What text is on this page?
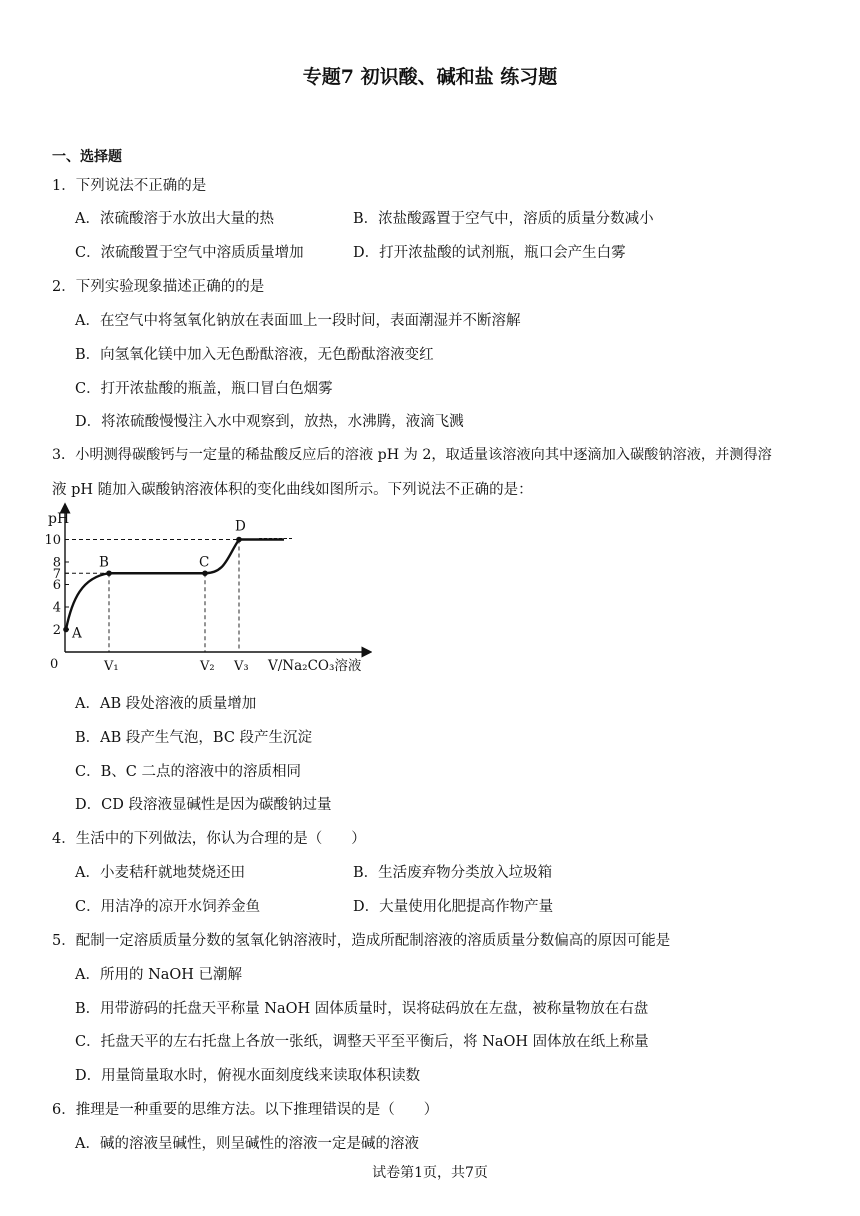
专题7 初识酸、碱和盐 练习题
一、选择题
1．下列说法不正确的是
A．浓硫酸溶于水放出大量的热	B．浓盐酸露置于空气中，溶质的质量分数减小
C．浓硫酸置于空气中溶质质量增加	D．打开浓盐酸的试剂瓶，瓶口会产生白雾
2．下列实验现象描述正确的的是
A．在空气中将氢氧化钠放在表面皿上一段时间，表面潮湿并不断溶解
B．向氢氧化镁中加入无色酚酞溶液，无色酚酞溶液变红
C．打开浓盐酸的瓶盖，瓶口冒白色烟雾
D．将浓硫酸慢慢注入水中观察到，放热，水沸腾，液滴飞溅
3．小明测得碳酸钙与一定量的稀盐酸反应后的溶液 pH 为 2，取适量该溶液向其中逐滴加入碳酸钠溶液，并测得溶
液 pH 随加入碳酸钠溶液体积的变化曲线如图所示。下列说法不正确的是：
pH
0
2
4
6
7
8
10
V₁	V₂ V₃
A
B	C
D
V/Na₂CO₃溶液
A．AB 段处溶液的质量增加
B．AB 段产生气泡，BC 段产生沉淀
C．B、C 二点的溶液中的溶质相同
D．CD 段溶液显碱性是因为碳酸钠过量
4．生活中的下列做法，你认为合理的是（　　）
A．小麦秸秆就地焚烧还田	B．生活废弃物分类放入垃圾箱
C．用洁净的凉开水饲养金鱼	D．大量使用化肥提高作物产量
5．配制一定溶质质量分数的氢氧化钠溶液时，造成所配制溶液的溶质质量分数偏高的原因可能是
A．所用的 NaOH 已潮解
B．用带游码的托盘天平称量 NaOH 固体质量时，误将砝码放在左盘，被称量物放在右盘
C．托盘天平的左右托盘上各放一张纸，调整天平至平衡后，将 NaOH 固体放在纸上称量
D．用量筒量取水时，俯视水面刻度线来读取体积读数
6．推理是一种重要的思维方法。以下推理错误的是（　　）
A．碱的溶液呈碱性，则呈碱性的溶液一定是碱的溶液
试卷第1页，共7页
